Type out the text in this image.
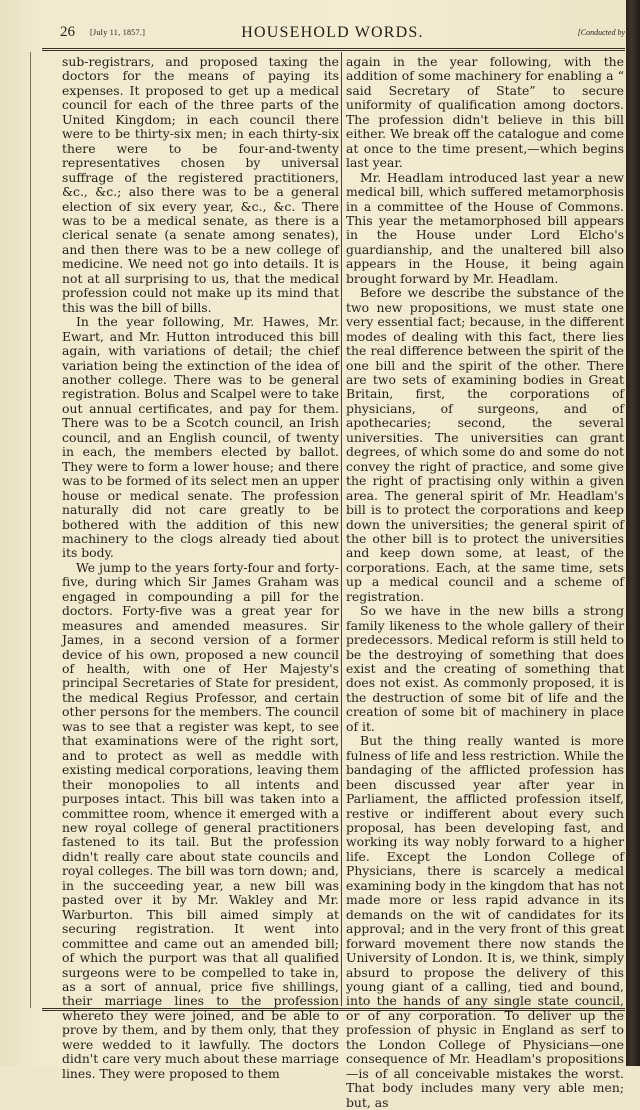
26 [July 11, 1857.]	HOUSEHOLD WORDS.	[Conducted by

sub-registrars, and proposed taxing the doctors for the means of paying its expenses. It proposed to get up a medical council for each of the three parts of the United Kingdom; in each council there were to be thirty-six men; in each thirty-six there were to be four-and-twenty representatives chosen by universal suffrage of the registered practitioners, &c., &c.; also there was to be a general election of six every year, &c., &c. There was to be a medical senate, as there is a clerical senate (a senate among senates), and then there was to be a new college of medicine. We need not go into details. It is not at all surprising to us, that the medical profession could not make up its mind that this was the bill of bills.

In the year following, Mr. Hawes, Mr. Ewart, and Mr. Hutton introduced this bill again, with variations of detail; the chief variation being the extinction of the idea of another college. There was to be general registration. Bolus and Scalpel were to take out annual certificates, and pay for them. There was to be a Scotch council, an Irish council, and an English council, of twenty in each, the members elected by ballot. They were to form a lower house; and there was to be formed of its select men an upper house or medical senate. The profession naturally did not care greatly to be bothered with the addition of this new machinery to the clogs already tied about its body.

We jump to the years forty-four and forty-five, during which Sir James Graham was engaged in compounding a pill for the doctors. Forty-five was a great year for measures and amended measures. Sir James, in a second version of a former device of his own, proposed a new council of health, with one of Her Majesty's principal Secretaries of State for president, the medical Regius Professor, and certain other persons for the members. The council was to see that a register was kept, to see that examinations were of the right sort, and to protect as well as meddle with existing medical corporations, leaving them their monopolies to all intents and purposes intact. This bill was taken into a committee room, whence it emerged with a new royal college of general practitioners fastened to its tail. But the profession didn't really care about state councils and royal colleges. The bill was torn down; and, in the succeeding year, a new bill was pasted over it by Mr. Wakley and Mr. Warburton. This bill aimed simply at securing registration. It went into committee and came out an amended bill; of which the purport was that all qualified surgeons were to be compelled to take in, as a sort of annual, price five shillings, their marriage lines to the profession whereto they were joined, and be able to prove by them, and by them only, that they were wedded to it lawfully. The doctors didn't care very much about these marriage lines. They were proposed to them

again in the year following, with the addition of some machinery for enabling a “ said Secretary of State” to secure uniformity of qualification among doctors. The profession didn't believe in this bill either. We break off the catalogue and come at once to the time present,—which begins last year.

Mr. Headlam introduced last year a new medical bill, which suffered metamorphosis in a committee of the House of Commons. This year the metamorphosed bill appears in the House under Lord Elcho's guardianship, and the unaltered bill also appears in the House, it being again brought forward by Mr. Headlam.

Before we describe the substance of the two new propositions, we must state one very essential fact; because, in the different modes of dealing with this fact, there lies the real difference between the spirit of the one bill and the spirit of the other. There are two sets of examining bodies in Great Britain, first, the corporations of physicians, of surgeons, and of apothecaries; second, the several universities. The universities can grant degrees, of which some do and some do not convey the right of practice, and some give the right of practising only within a given area. The general spirit of Mr. Headlam's bill is to protect the corporations and keep down the universities; the general spirit of the other bill is to protect the universities and keep down some, at least, of the corporations. Each, at the same time, sets up a medical council and a scheme of registration.

So we have in the new bills a strong family likeness to the whole gallery of their predecessors. Medical reform is still held to be the destroying of something that does exist and the creating of something that does not exist. As commonly proposed, it is the destruction of some bit of life and the creation of some bit of machinery in place of it.

But the thing really wanted is more fulness of life and less restriction. While the bandaging of the afflicted profession has been discussed year after year in Parliament, the afflicted profession itself, restive or indifferent about every such proposal, has been developing fast, and working its way nobly forward to a higher life. Except the London College of Physicians, there is scarcely a medical examining body in the kingdom that has not made more or less rapid advance in its demands on the wit of candidates for its approval; and in the very front of this great forward movement there now stands the University of London. It is, we think, simply absurd to propose the delivery of this young giant of a calling, tied and bound, into the hands of any single state council, or of any corporation. To deliver up the profession of physic in England as serf to the London College of Physicians—one consequence of Mr. Headlam's propositions—is of all conceivable mistakes the worst. That body includes many very able men; but, as
